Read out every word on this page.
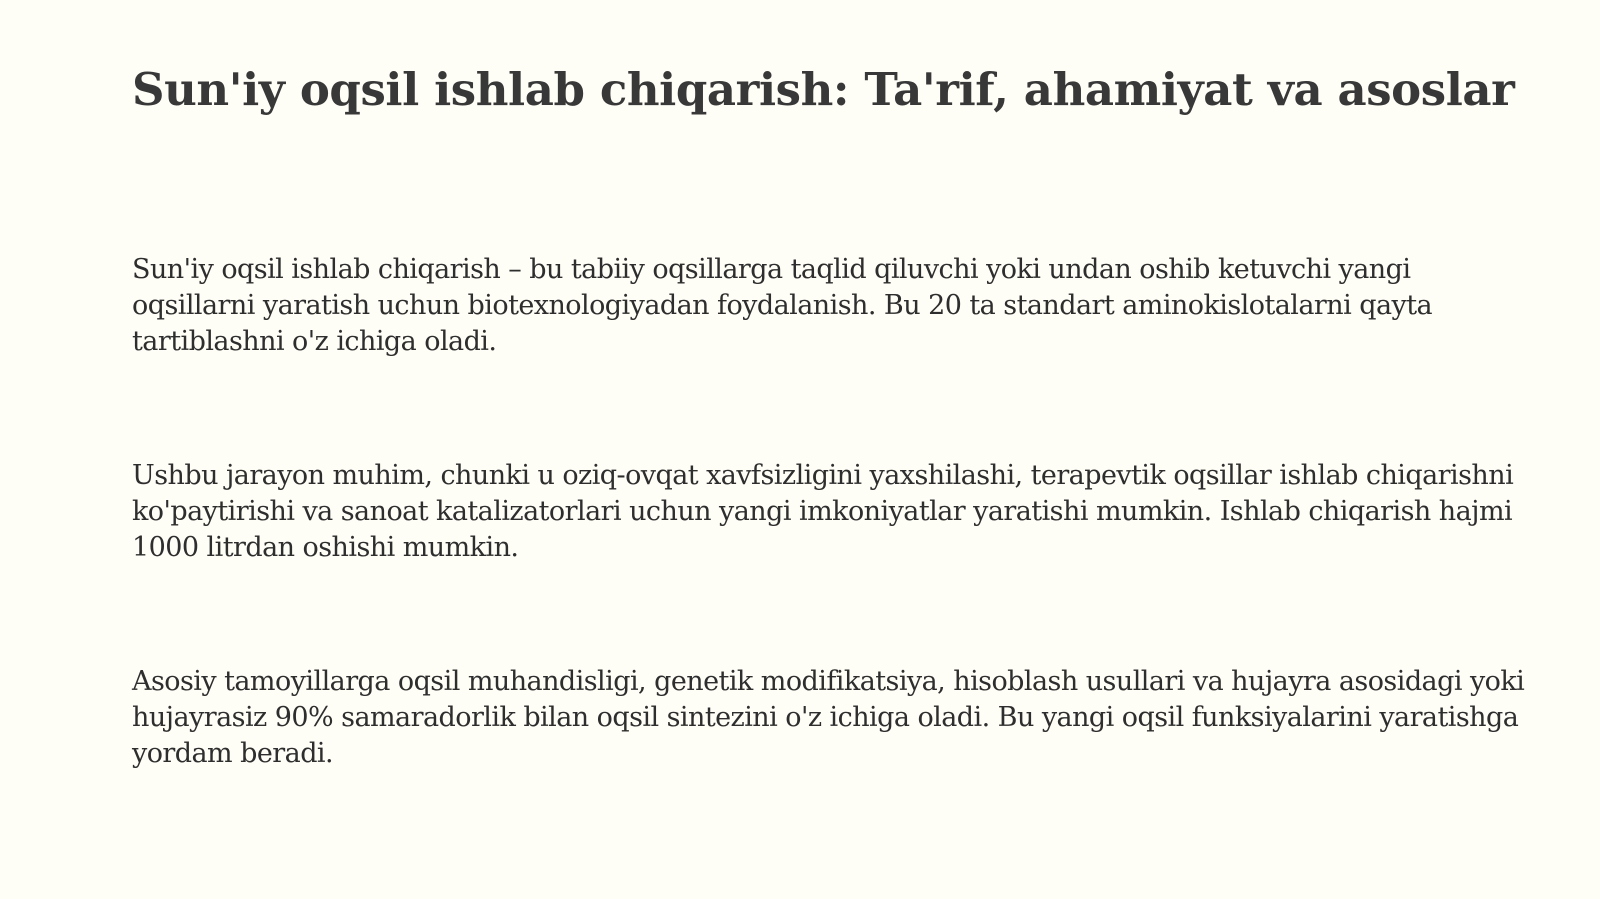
Sun'iy oqsil ishlab chiqarish: Ta'rif, ahamiyat va asoslar

Sun'iy oqsil ishlab chiqarish – bu tabiiy oqsillarga taqlid qiluvchi yoki undan oshib ketuvchi yangi oqsillarni yaratish uchun biotexnologiyadan foydalanish. Bu 20 ta standart aminokislotalarni qayta tartiblashni o'z ichiga oladi.

Ushbu jarayon muhim, chunki u oziq-ovqat xavfsizligini yaxshilashi, terapevtik oqsillar ishlab chiqarishni ko'paytirishi va sanoat katalizatorlari uchun yangi imkoniyatlar yaratishi mumkin. Ishlab chiqarish hajmi 1000 litrdan oshishi mumkin.

Asosiy tamoyillarga oqsil muhandisligi, genetik modifikatsiya, hisoblash usullari va hujayra asosidagi yoki hujayrasiz 90% samaradorlik bilan oqsil sintezini o'z ichiga oladi. Bu yangi oqsil funksiyalarini yaratishga yordam beradi.
